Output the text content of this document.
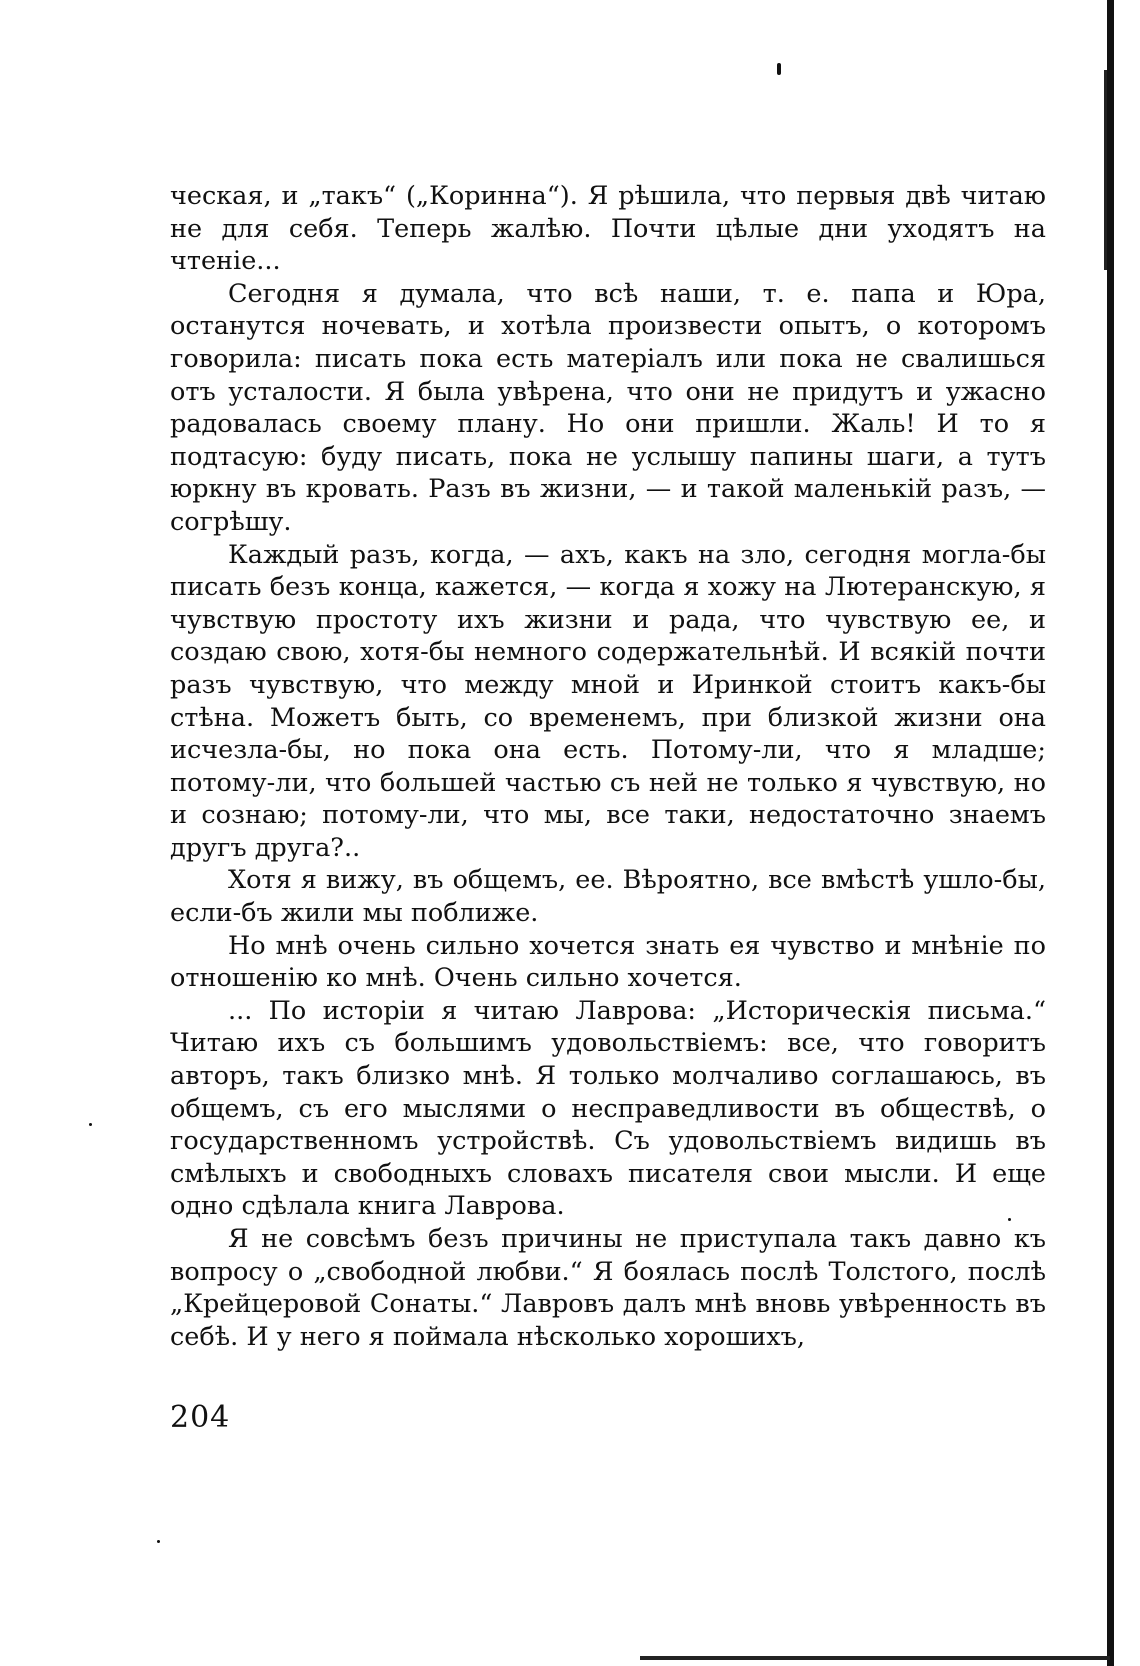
ческая, и „такъ“ („Коринна“). Я рѣшила, что первыя двѣ читаю не для себя. Теперь жалѣю. Почти цѣлые дни уходятъ на чтеніе...

Сегодня я думала, что всѣ наши, т. е. папа и Юра, останутся ночевать, и хотѣла произвести опытъ, о которомъ говорила: писать пока есть матеріалъ или пока не свалишься отъ усталости. Я была увѣрена, что они не придутъ и ужасно радовалась своему плану. Но они пришли. Жаль! И то я подтасую: буду писать, пока не услышу папины шаги, а тутъ юркну въ кровать. Разъ въ жизни, — и такой маленькій разъ, — согрѣшу.

Каждый разъ, когда, — ахъ, какъ на зло, сегодня могла-бы писать безъ конца, кажется, — когда я хожу на Лютеранскую, я чувствую простоту ихъ жизни и рада, что чувствую ее, и создаю свою, хотя-бы немного содержательнѣй. И всякій почти разъ чувствую, что между мной и Иринкой стоитъ какъ-бы стѣна. Можетъ быть, со временемъ, при близкой жизни она исчезла-бы, но пока она есть. Потому-ли, что я младше; потому-ли, что большей частью съ ней не только я чувствую, но и сознаю; потому-ли, что мы, все таки, недостаточно знаемъ другъ друга?..

Хотя я вижу, въ общемъ, ее. Вѣроятно, все вмѣстѣ ушло-бы, если-бъ жили мы поближе.

Но мнѣ очень сильно хочется знать ея чувство и мнѣніе по отношенію ко мнѣ. Очень сильно хочется.

... По исторіи я читаю Лаврова: „Историческія письма.“ Читаю ихъ съ большимъ удовольствіемъ: все, что говоритъ авторъ, такъ близко мнѣ. Я только молчаливо соглашаюсь, въ общемъ, съ его мыслями о несправедливости въ обществѣ, о государственномъ устройствѣ. Съ удовольствіемъ видишь въ смѣлыхъ и свободныхъ словахъ писателя свои мысли. И еще одно сдѣлала книга Лаврова.

Я не совсѣмъ безъ причины не приступала такъ давно къ вопросу о „свободной любви.“ Я боялась послѣ Толстого, послѣ „Крейцеровой Сонаты.“ Лавровъ далъ мнѣ вновь увѣренность въ себѣ. И у него я поймала нѣсколько хорошихъ,

204
